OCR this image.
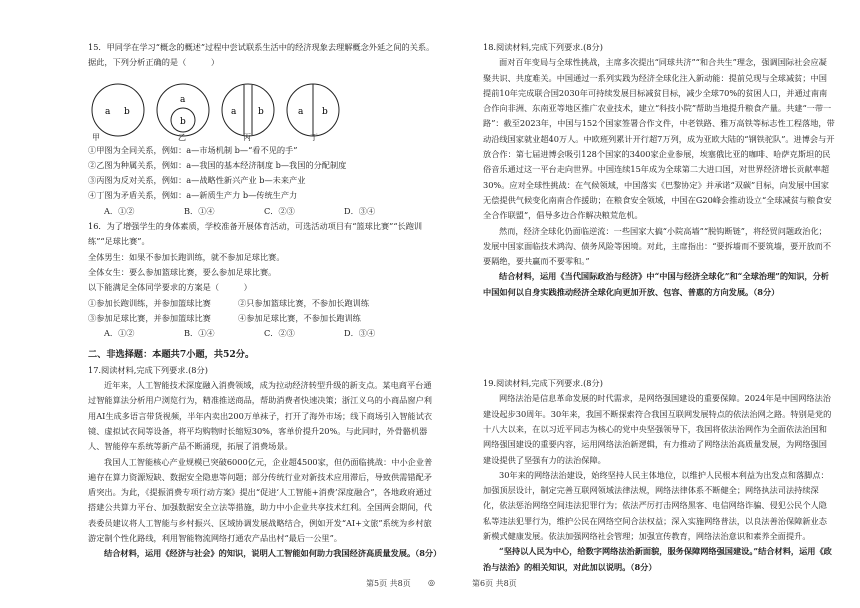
15．甲同学在学习“概念的概述”过程中尝试联系生活中的经济现象去理解概念外延之间的关系。据此，下列分析正确的是（　　　）

①甲图为全同关系，例如：a—市场机制 b—“看不见的手”

②乙图为种属关系，例如：a—我国的基本经济制度 b—我国的分配制度

③丙图为反对关系，例如：a—战略性新兴产业 b—未来产业

④丁图为矛盾关系，例如：a—新质生产力 b—传统生产力

A．①②	B．①④	C．②③	D．③④

16．为了增强学生的身体素质，学校准备开展体育活动，可选活动项目有“篮球比赛”“长跑训练”“足球比赛”。

全体男生：如果不参加长跑训练，就不参加足球比赛。

全体女生：要么参加篮球比赛，要么参加足球比赛。

以下能满足全体同学要求的方案是（　　　）

①参加长跑训练，并参加篮球比赛	②只参加篮球比赛，不参加长跑训练
③参加足球比赛，并参加篮球比赛	④参加足球比赛，不参加长跑训练
A．①②	B．①④	C．②③	D．③④

二、非选择题：本题共7小题，共52分。

17.阅读材料,完成下列要求.(8分)

近年来，人工智能技术深度融入消费领域，成为拉动经济转型升级的新支点。某电商平台通过智能算法分析用户浏览行为，精准推送商品，帮助消费者快速决策；浙江义乌的小商品窗户利用AI生成多语言带货视频，半年内卖出200万单袜子，打开了海外市场；线下商场引入智能试衣镜、虚拟试衣间等设备，将平均购物时长缩短30%，客单价提升20%。与此同时，外骨骼机器人、智能停车系统等新产品不断涌现，拓展了消费场景。

我国人工智能核心产业规模已突破6000亿元，企业超4500家，但仍面临挑战：中小企业普遍存在算力资源短缺、数据安全隐患等问题；部分传统行业对新技术应用滞后，导致供需错配矛盾突出。为此，《提振消费专项行动方案》提出“促进‘人工智能+消费’深度融合”，各地政府通过搭建公共算力平台、加强数据安全立法等措施，助力中小企业共享技术红利。全国两会期间，代表委员建议将人工智能与乡村振兴、区域协调发展战略结合，例如开发“AI+文旅”系统为乡村旅游定制个性化路线，利用智能物流网络打通农产品出村“最后一公里”。

结合材料，运用《经济与社会》的知识，说明人工智能如何助力我国经济高质量发展。（8分）

a b
a
b
a b	a b
甲	乙	丙	丁

18.阅读材料,完成下列要求.(8分)

面对百年变局与全球性挑战，主席多次提出“同球共济”“和合共生”理念，强调国际社会应凝聚共识、共度难关。中国通过一系列实践为经济全球化注入新动能：提前兑现与全球减贫；中国提前10年完成联合国2030年可持续发展目标减贫目标，减少全球70%的贫困人口，并通过南南合作向非洲、东南亚等地区推广农业技术，建立“科技小院”帮助当地提升粮食产量。共建“一带一路”：截至2023年，中国与152个国家签署合作文件，中老铁路、雅万高铁等标志性工程落地，带动沿线国家就业超40万人。中欧班列累计开行超7万列，成为亚欧大陆的“钢铁驼队”。进博会与开放合作：第七届进博会吸引128个国家的3400家企业参展，埃塞俄比亚的咖啡、哈萨克斯坦的民俗音乐通过这一平台走向世界。中国连续15年成为全球第二大进口国，对世界经济增长贡献率超30%。应对全球性挑战：在气候领域，中国落实《巴黎协定》并承诺“双碳”目标，向发展中国家无偿提供气候变化南南合作援助；在粮食安全领域，中国在G20峰会推动设立“全球减贫与粮食安全合作联盟”，倡导多边合作解决粮荒危机。

然而，经济全球化仍面临逆流：一些国家大搞“小院高墙”“脱钩断链”，将经贸问题政治化；发展中国家面临技术鸿沟、债务风险等困境。对此，主席指出：“要拆墙而不要筑墙，要开放而不要隔绝，要共赢而不要零和。”

结合材料，运用《当代国际政治与经济》中“中国与经济全球化”和“全球治理”的知识，分析中国如何以自身实践推动经济全球化向更加开放、包容、普惠的方向发展。（8分）

19.阅读材料,完成下列要求.(8分)

网络法治是信息革命发展的时代需求，是网络强国建设的重要保障。2024年是中国网络法治建设起步30周年。30年来，我国不断探索符合我国互联网发展特点的依法治网之路。特别是党的十八大以来，在以习近平同志为核心的党中央坚强领导下，我国将依法治网作为全面依法治国和网络强国建设的重要内容，运用网络法治新逻辑，有力推动了网络法治高质量发展，为网络强国建设提供了坚强有力的法治保障。

30年来的网络法治建设，始终坚持人民主体地位，以维护人民根本利益为出发点和落脚点：加强顶层设计，制定完善互联网领域法律法规，网络法律体系不断健全；网络执法司法持续深化，依法惩治网络空间违法犯罪行为；依法严厉打击网络黑客、电信网络诈骗、侵犯公民个人隐私等违法犯罪行为，维护公民在网络空间合法权益；深入实施网络普法，以良法善治保障新业态新模式健康发展。依法加强网络社会管理；加强宣传教育，网络法治意识和素养全面提升。

“坚持以人民为中心，给数字网络法治新面貌，服务保障网络强国建设。”结合材料，运用《政治与法治》的相关知识，对此加以说明。（8分）

第5页 共8页 ◎	第6页 共8页
